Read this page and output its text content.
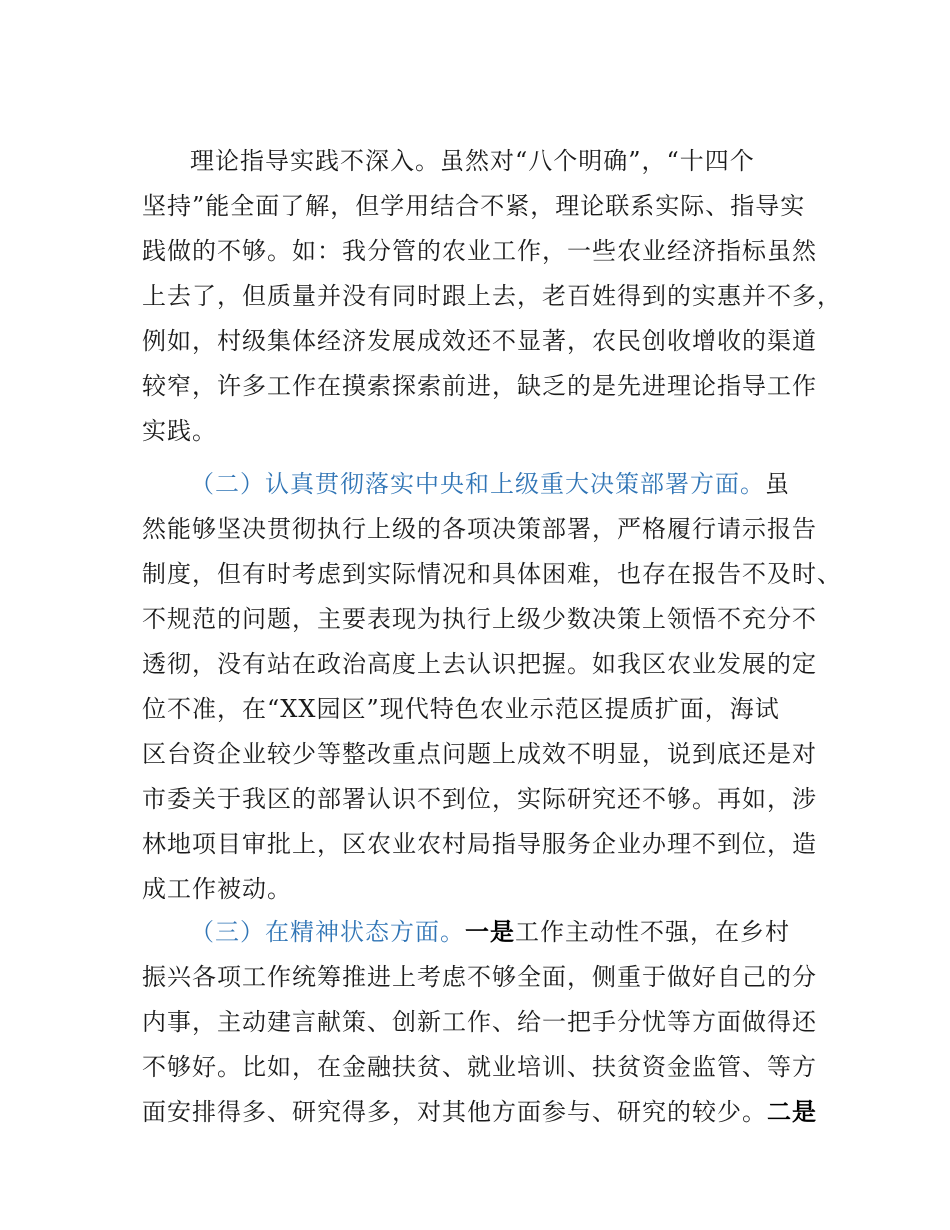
理论指导实践不深入。虽然对“八个明确”，“十四个
坚持”能全面了解，但学用结合不紧，理论联系实际、指导实
践做的不够。如：我分管的农业工作，一些农业经济指标虽然
上去了，但质量并没有同时跟上去，老百姓得到的实惠并不多，
例如，村级集体经济发展成效还不显著，农民创收增收的渠道
较窄，许多工作在摸索探索前进，缺乏的是先进理论指导工作
实践。
（二）认真贯彻落实中央和上级重大决策部署方面。虽
然能够坚决贯彻执行上级的各项决策部署，严格履行请示报告
制度，但有时考虑到实际情况和具体困难，也存在报告不及时、
不规范的问题，主要表现为执行上级少数决策上领悟不充分不
透彻，没有站在政治高度上去认识把握。如我区农业发展的定
位不准，在“XX园区”现代特色农业示范区提质扩面，海试
区台资企业较少等整改重点问题上成效不明显，说到底还是对
市委关于我区的部署认识不到位，实际研究还不够。再如，涉
林地项目审批上，区农业农村局指导服务企业办理不到位，造
成工作被动。
（三）在精神状态方面。一是工作主动性不强，在乡村
振兴各项工作统筹推进上考虑不够全面，侧重于做好自己的分
内事，主动建言献策、创新工作、给一把手分忧等方面做得还
不够好。比如，在金融扶贫、就业培训、扶贫资金监管、等方
面安排得多、研究得多，对其他方面参与、研究的较少。二是
